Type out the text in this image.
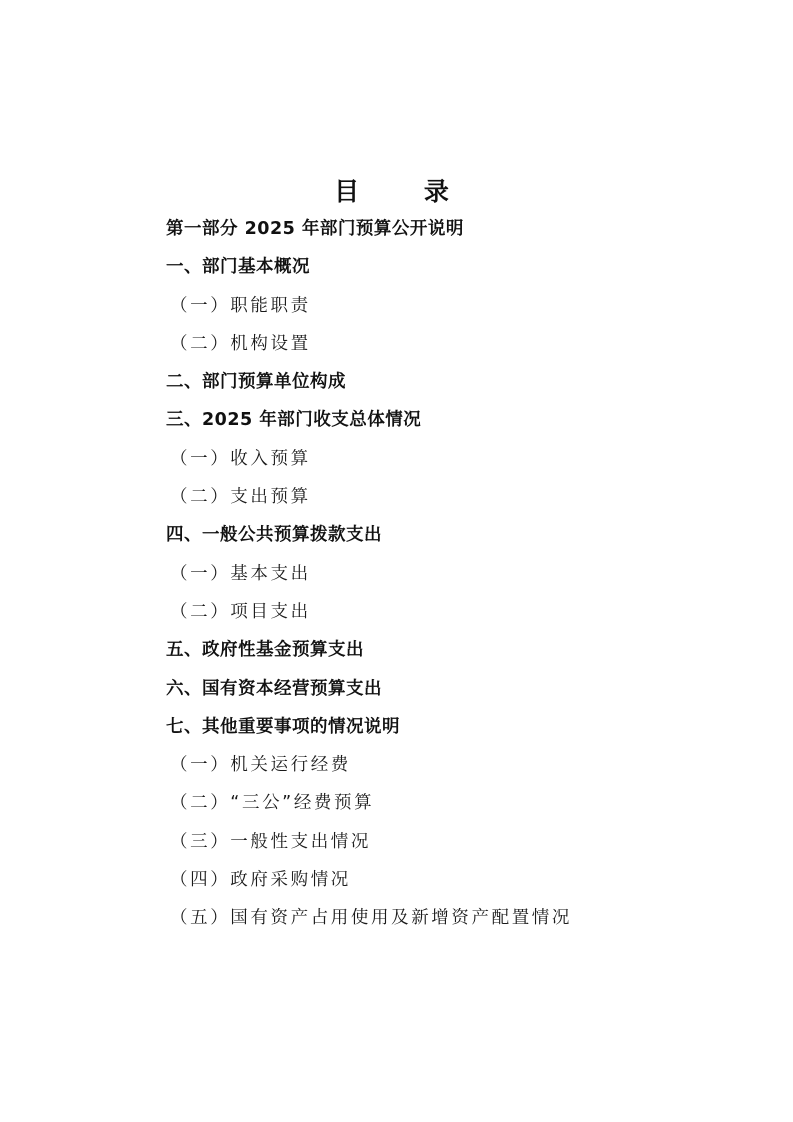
目 录
第一部分 2025 年部门预算公开说明
一、部门基本概况
（一）职能职责
（二）机构设置
二、部门预算单位构成
三、2025 年部门收支总体情况
（一）收入预算
（二）支出预算
四、一般公共预算拨款支出
（一）基本支出
（二）项目支出
五、政府性基金预算支出
六、国有资本经营预算支出
七、其他重要事项的情况说明
（一）机关运行经费
（二）“三公”经费预算
（三）一般性支出情况
（四）政府采购情况
（五）国有资产占用使用及新增资产配置情况
